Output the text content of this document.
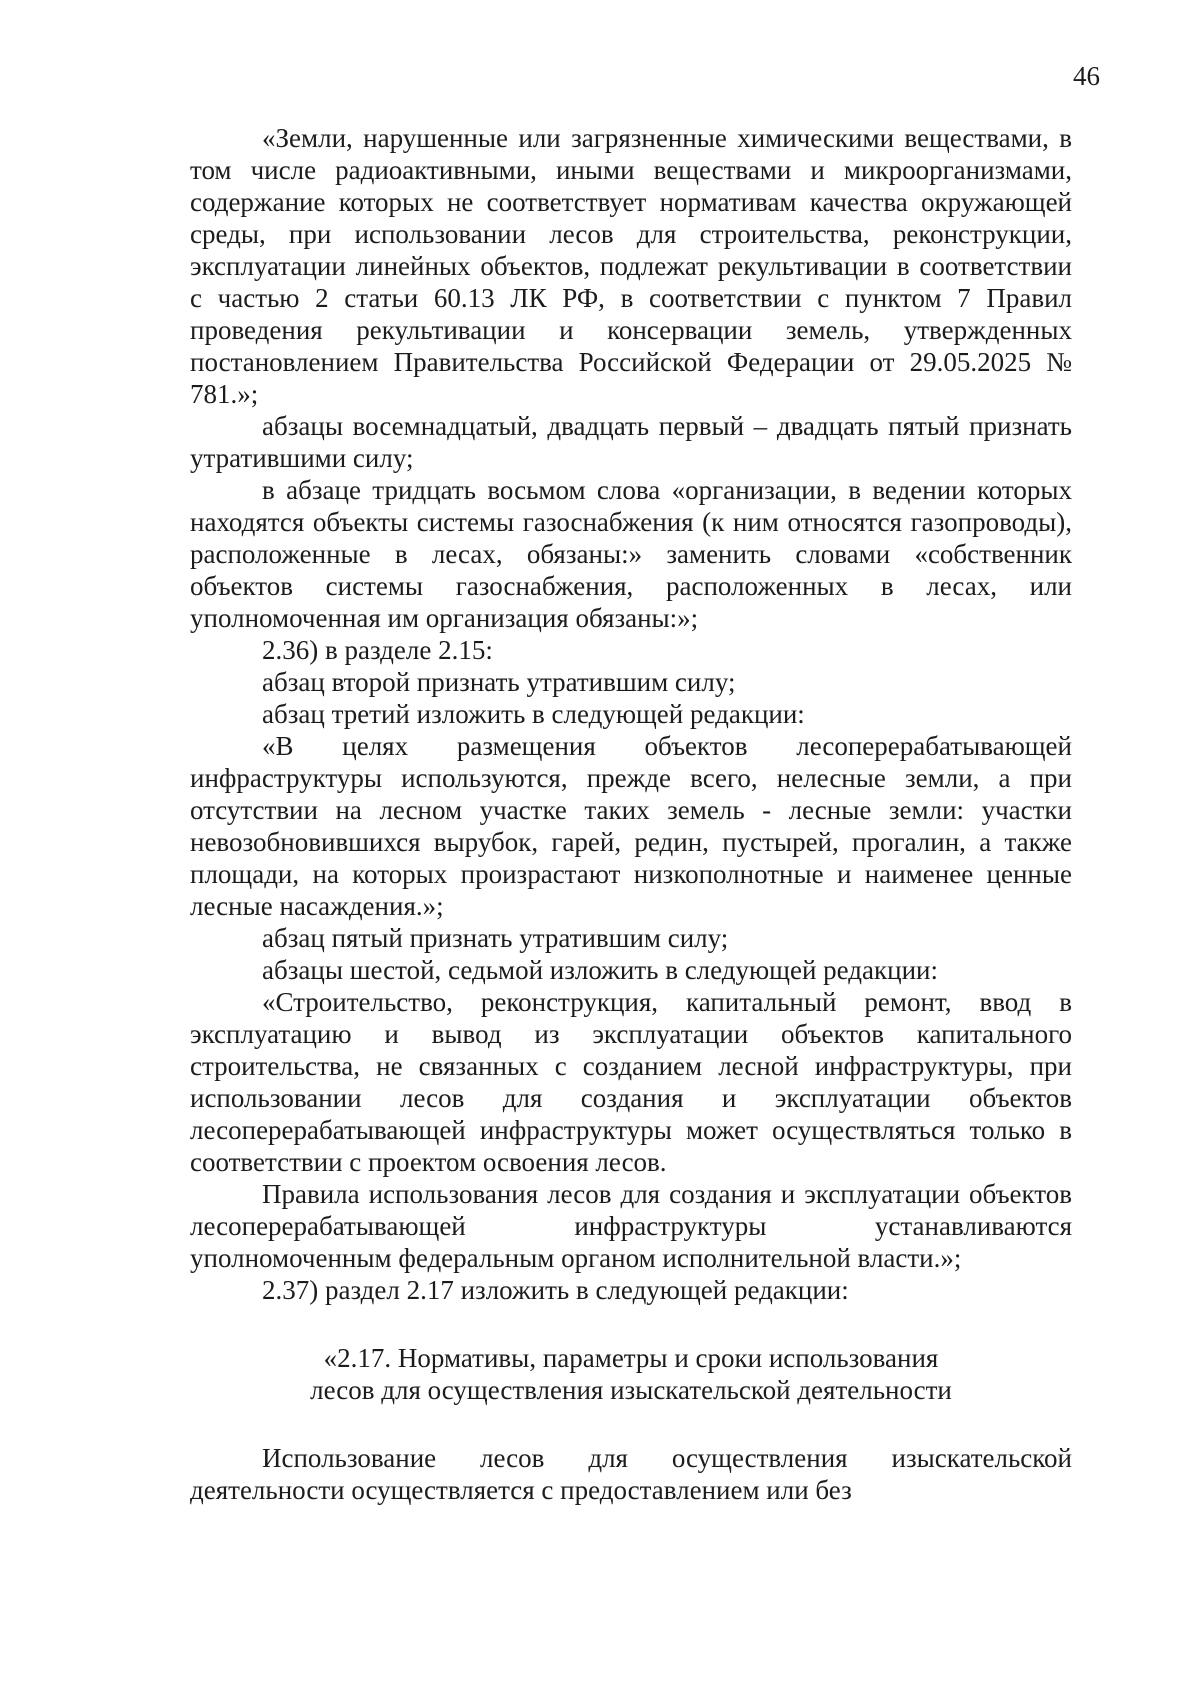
46

«Земли, нарушенные или загрязненные химическими веществами, в том числе радиоактивными, иными веществами и микроорганизмами, содержание которых не соответствует нормативам качества окружающей среды, при использовании лесов для строительства, реконструкции, эксплуатации линейных объектов, подлежат рекультивации в соответствии с частью 2 статьи 60.13 ЛК РФ, в соответствии с пунктом 7 Правил проведения рекультивации и консервации земель, утвержденных постановлением Правительства Российской Федерации от 29.05.2025 № 781.»;

абзацы восемнадцатый, двадцать первый – двадцать пятый признать утратившими силу;

в абзаце тридцать восьмом слова «организации, в ведении которых находятся объекты системы газоснабжения (к ним относятся газопроводы), расположенные в лесах, обязаны:» заменить словами «собственник объектов системы газоснабжения, расположенных в лесах, или уполномоченная им организация обязаны:»;

2.36) в разделе 2.15:

абзац второй признать утратившим силу;

абзац третий изложить в следующей редакции:

«В целях размещения объектов лесоперерабатывающей инфраструктуры используются, прежде всего, нелесные земли, а при отсутствии на лесном участке таких земель - лесные земли: участки невозобновившихся вырубок, гарей, редин, пустырей, прогалин, а также площади, на которых произрастают низкополнотные и наименее ценные лесные насаждения.»;

абзац пятый признать утратившим силу;

абзацы шестой, седьмой изложить в следующей редакции:

«Строительство, реконструкция, капитальный ремонт, ввод в эксплуатацию и вывод из эксплуатации объектов капитального строительства, не связанных с созданием лесной инфраструктуры, при использовании лесов для создания и эксплуатации объектов лесоперерабатывающей инфраструктуры может осуществляться только в соответствии с проектом освоения лесов.

Правила использования лесов для создания и эксплуатации объектов лесоперерабатывающей инфраструктуры устанавливаются уполномоченным федеральным органом исполнительной власти.»;

2.37) раздел 2.17 изложить в следующей редакции:

«2.17. Нормативы, параметры и сроки использования
лесов для осуществления изыскательской деятельности

Использование лесов для осуществления изыскательской деятельности осуществляется с предоставлением или без
